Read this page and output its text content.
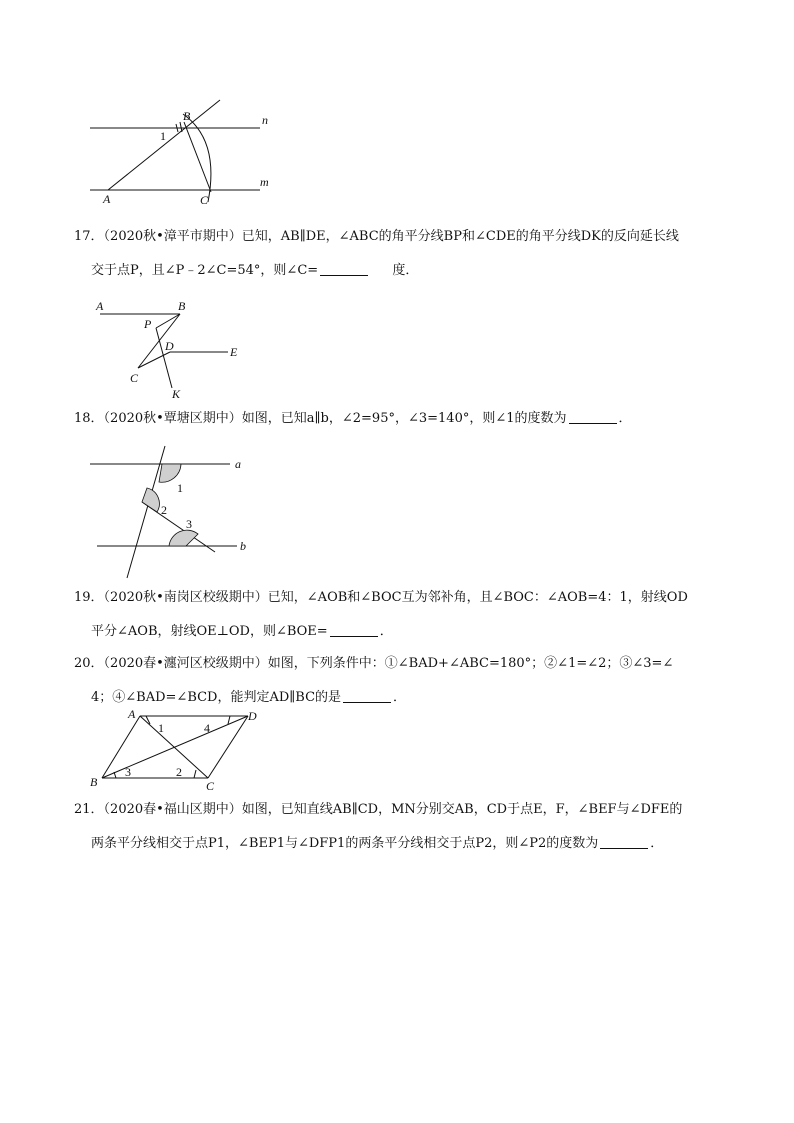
B	n
m
A	C
1
17．（2020秋•漳平市期中）已知，AB∥DE，∠ABC的角平分线BP和∠CDE的角平分线DK的反向延长线
交于点P，且∠P﹣2∠C=54°，则∠C=	度．
A	B
P
D	E
C
K
18．（2020秋•覃塘区期中）如图，已知a∥b，∠2=95°，∠3=140°，则∠1的度数为	．
a
b
1
2
3
19．（2020秋•南岗区校级期中）已知，∠AOB和∠BOC互为邻补角，且∠BOC：∠AOB=4：1，射线OD
平分∠AOB，射线OE⊥OD，则∠BOE=	．
20．（2020春•瀍河区校级期中）如图，下列条件中：①∠BAD+∠ABC=180°；②∠1=∠2；③∠3=∠
4；④∠BAD=∠BCD，能判定AD∥BC的是	．
A	D
B	C
1	4
3	2
21．（2020春•福山区期中）如图，已知直线AB∥CD，MN分别交AB，CD于点E，F，∠BEF与∠DFE的
两条平分线相交于点P1，∠BEP1与∠DFP1的两条平分线相交于点P2，则∠P2的度数为	．
